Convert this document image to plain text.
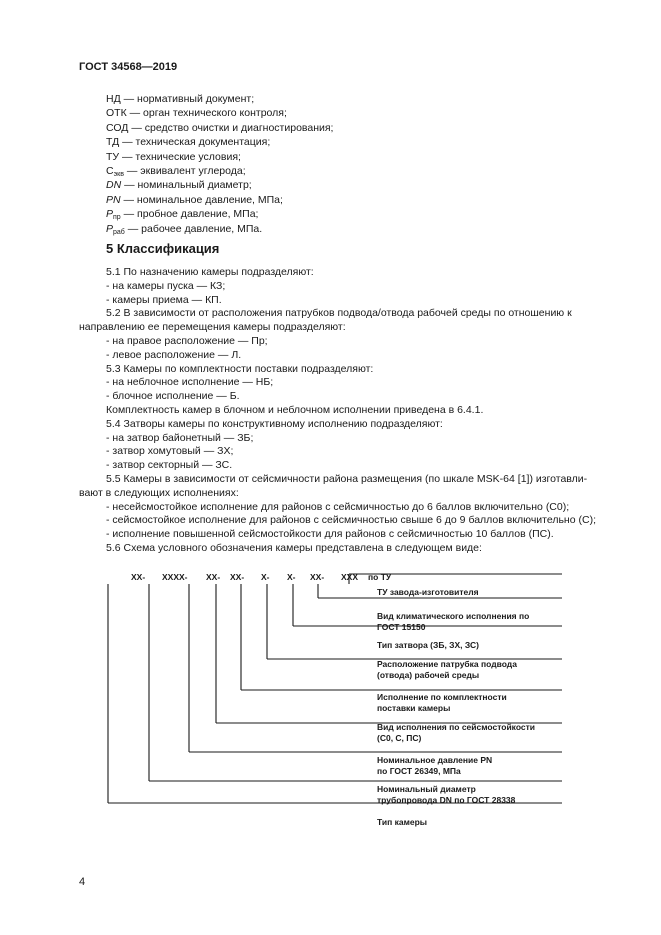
ГОСТ 34568—2019
НД — нормативный документ;
ОТК — орган технического контроля;
СОД — средство очистки и диагностирования;
ТД — техническая документация;
ТУ — технические условия;
$С_{экв}$ — эквивалент углерода;
DN — номинальный диаметр;
PN — номинальное давление, МПа;
$P_{пр}$ — пробное давление, МПа;
$P_{раб}$ — рабочее давление, МПа.
5 Классификация
5.1 По назначению камеры подразделяют:
- на камеры пуска — КЗ;
- камеры приема — КП.
5.2 В зависимости от расположения патрубков подвода/отвода рабочей среды по отношению к
направлению ее перемещения камеры подразделяют:
- на правое расположение — Пр;
- левое расположение — Л.
5.3 Камеры по комплектности поставки подразделяют:
- на неблочное исполнение — НБ;
- блочное исполнение — Б.
Комплектность камер в блочном и неблочном исполнении приведена в 6.4.1.
5.4 Затворы камеры по конструктивному исполнению подразделяют:
- на затвор байонетный — ЗБ;
- затвор хомутовый — ЗХ;
- затвор секторный — ЗС.
5.5 Камеры в зависимости от сейсмичности района размещения (по шкале MSK-64 [1]) изготавли-
вают в следующих исполнениях:
- несейсмостойкое исполнение для районов с сейсмичностью до 6 баллов включительно (С0);
- сейсмостойкое исполнение для районов с сейсмичностью свыше 6 до 9 баллов включительно (С);
- исполнение повышенной сейсмостойкости для районов с сейсмичностью 10 баллов (ПС).
5.6 Схема условного обозначения камеры представлена в следующем виде:
ХХ- ХХХХ- ХХ- ХХ- Х- Х- ХХ- ХХХ по ТУ
ТУ завода-изготовителя
Вид климатического исполнения по
ГОСТ 15150
Тип затвора (ЗБ, ЗХ, ЗС)
Расположение патрубка подвода
(отвода) рабочей среды
Исполнение по комплектности
поставки камеры
Вид исполнения по сейсмостойкости
(С0, С, ПС)
Номинальное давление PN
по ГОСТ 26349, МПа
Номинальный диаметр
трубопровода DN по ГОСТ 28338
Тип камеры
4
